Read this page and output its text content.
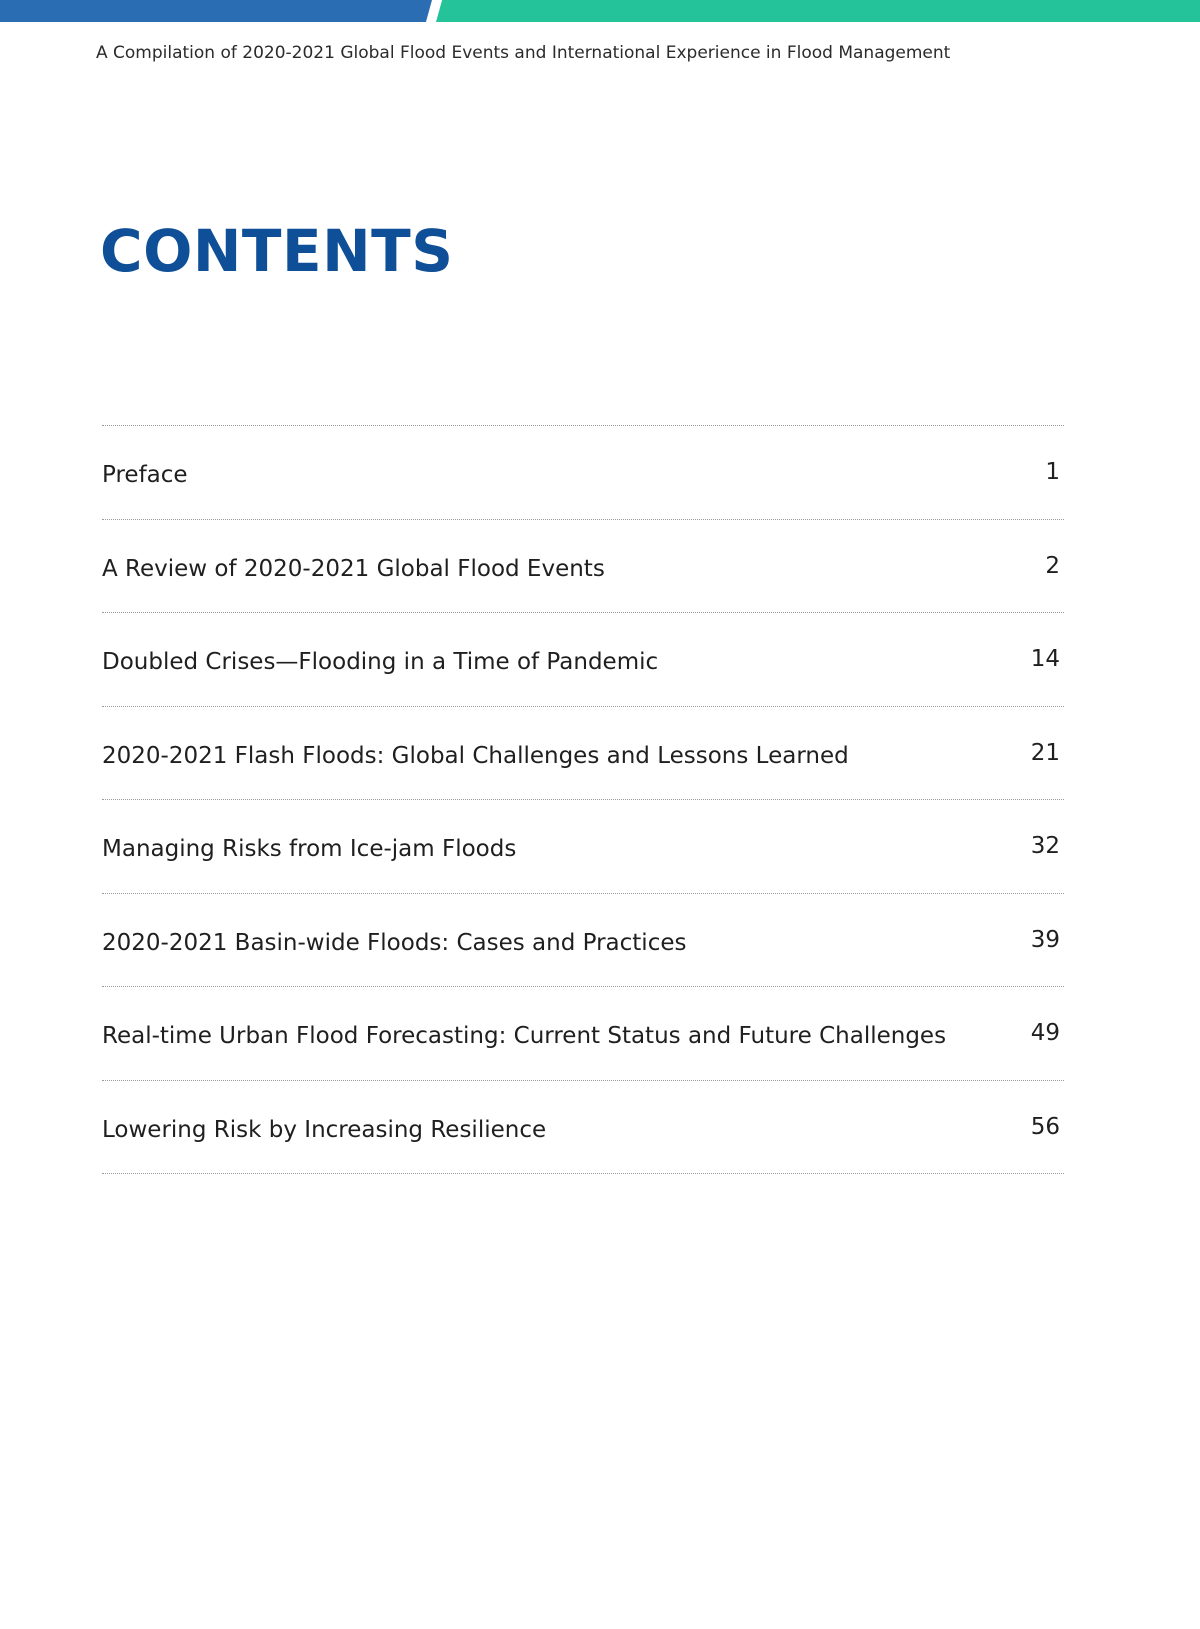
A Compilation of 2020-2021 Global Flood Events and International Experience in Flood Management
CONTENTS
Preface	1
A Review of 2020-2021 Global Flood Events	2
Doubled Crises—Flooding in a Time of Pandemic	14
2020-2021 Flash Floods: Global Challenges and Lessons Learned	21
Managing Risks from Ice-jam Floods	32
2020-2021 Basin-wide Floods: Cases and Practices	39
Real-time Urban Flood Forecasting: Current Status and Future Challenges	49
Lowering Risk by Increasing Resilience	56
